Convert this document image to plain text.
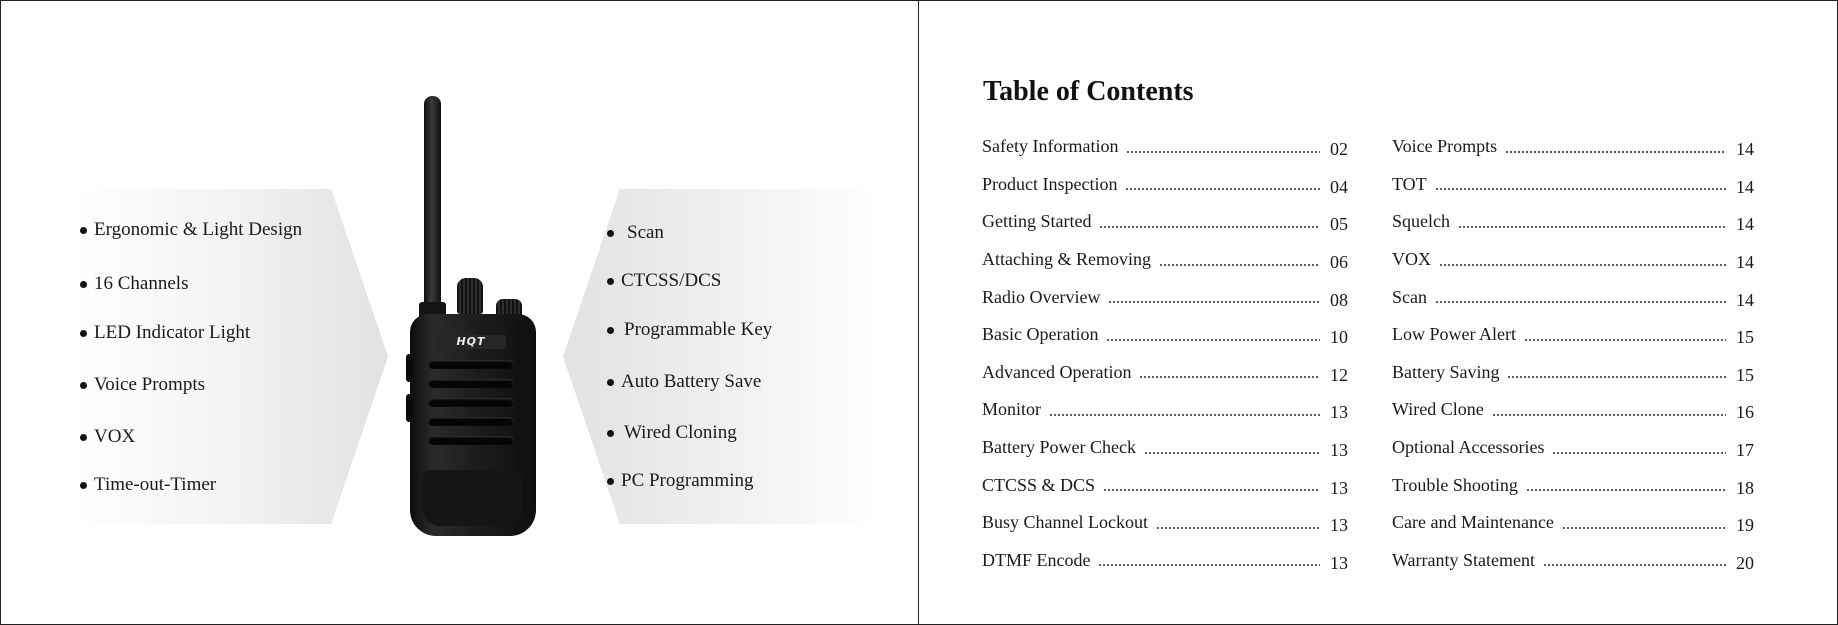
Ergonomic & Light Design
16 Channels
LED Indicator Light
Voice Prompts
VOX
Time-out-Timer
Scan
CTCSS/DCS
Programmable Key
Auto Battery Save
Wired Cloning
PC Programming
HQT
Table of Contents
Safety Information	02
Product Inspection	04
Getting Started	05
Attaching & Removing	06
Radio Overview	08
Basic Operation	10
Advanced Operation	12
Monitor	13
Battery Power Check	13
CTCSS & DCS	13
Busy Channel Lockout	13
DTMF Encode	13
Voice Prompts	14
TOT	14
Squelch	14
VOX	14
Scan	14
Low Power Alert	15
Battery Saving	15
Wired Clone	16
Optional Accessories	17
Trouble Shooting	18
Care and Maintenance	19
Warranty Statement	20
